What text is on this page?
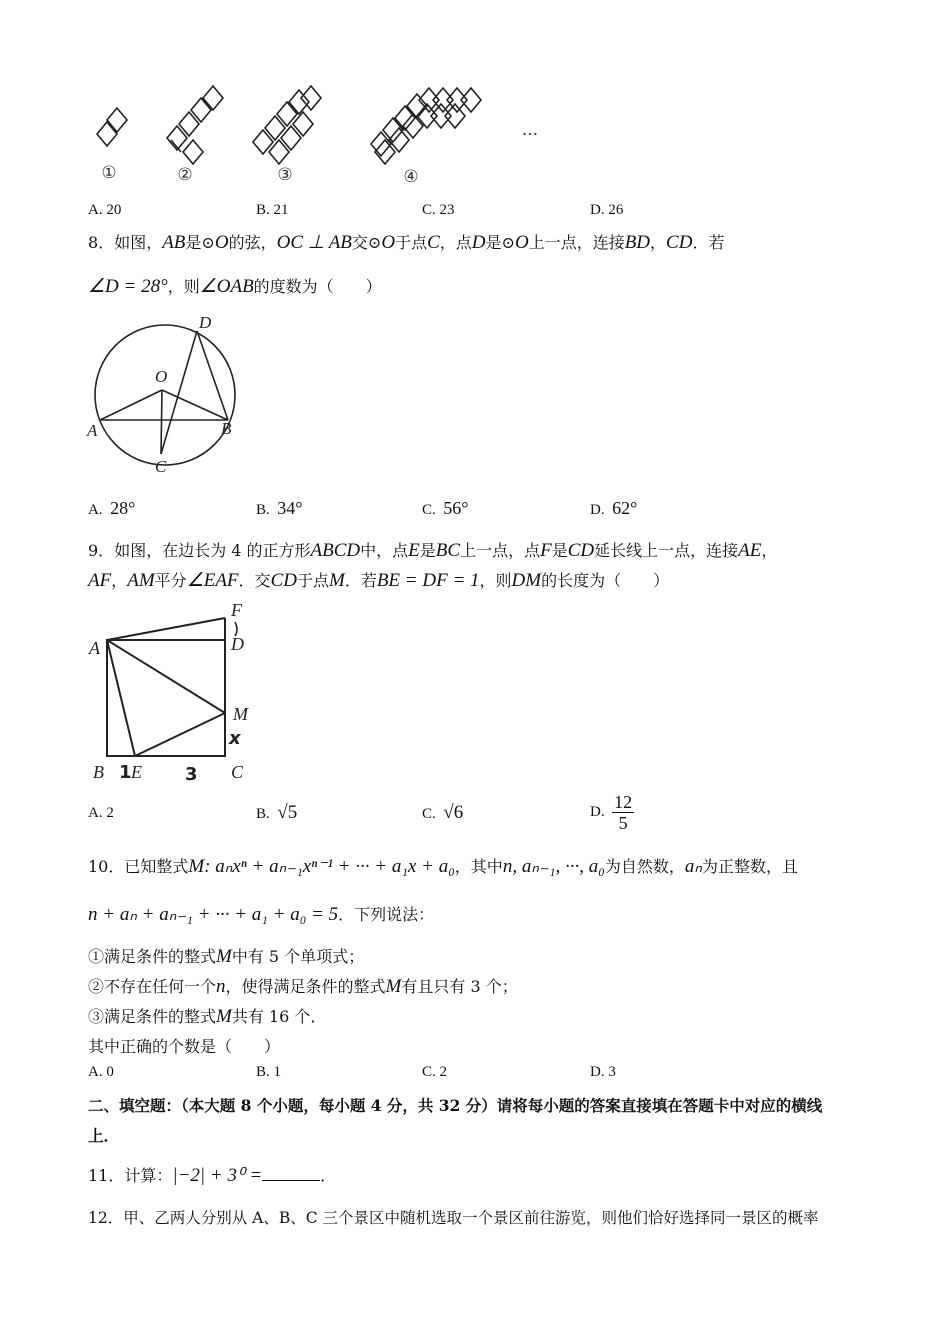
①	②	③	④
···
A. 20	B. 21	C. 23	D. 26
8．如图，AB是⊙O的弦，OC ⊥ AB交⊙O于点C，点D是⊙O上一点，连接BD，CD．若
∠D = 28°，则∠OAB的度数为（　　）
O
A	B
C
D
A. 28°	B. 34°	C. 56°	D. 62°
9．如图，在边长为 4 的正方形ABCD中，点E是BC上一点，点F是CD延长线上一点，连接AE，
AF，AM平分∠EAF．交CD于点M．若BE = DF = 1，则DM的长度为（　　）
F
A	D
M
B E	C
1	3
x
A. 2	B. √5	C. √6	D. $\frac{12}{5}$
10．已知整式M: aₙxⁿ + aₙ₋₁xⁿ⁻¹ + ··· + a₁x + a₀，其中n, aₙ₋₁, ···, a₀为自然数，aₙ为正整数，且
n + aₙ + aₙ₋₁ + ··· + a₁ + a₀ = 5．下列说法：
①满足条件的整式M中有 5 个单项式；
②不存在任何一个n，使得满足条件的整式M有且只有 3 个；
③满足条件的整式M共有 16 个．
其中正确的个数是（　　）
A. 0	B. 1	C. 2	D. 3
二、填空题：（本大题 8 个小题，每小题 4 分，共 32 分）请将每小题的答案直接填在答题卡中对应的横线
上．
11．计算：|−2| + 3⁰ =	．
12．甲、乙两人分别从 A、B、C 三个景区中随机选取一个景区前往游览，则他们恰好选择同一景区的概率
